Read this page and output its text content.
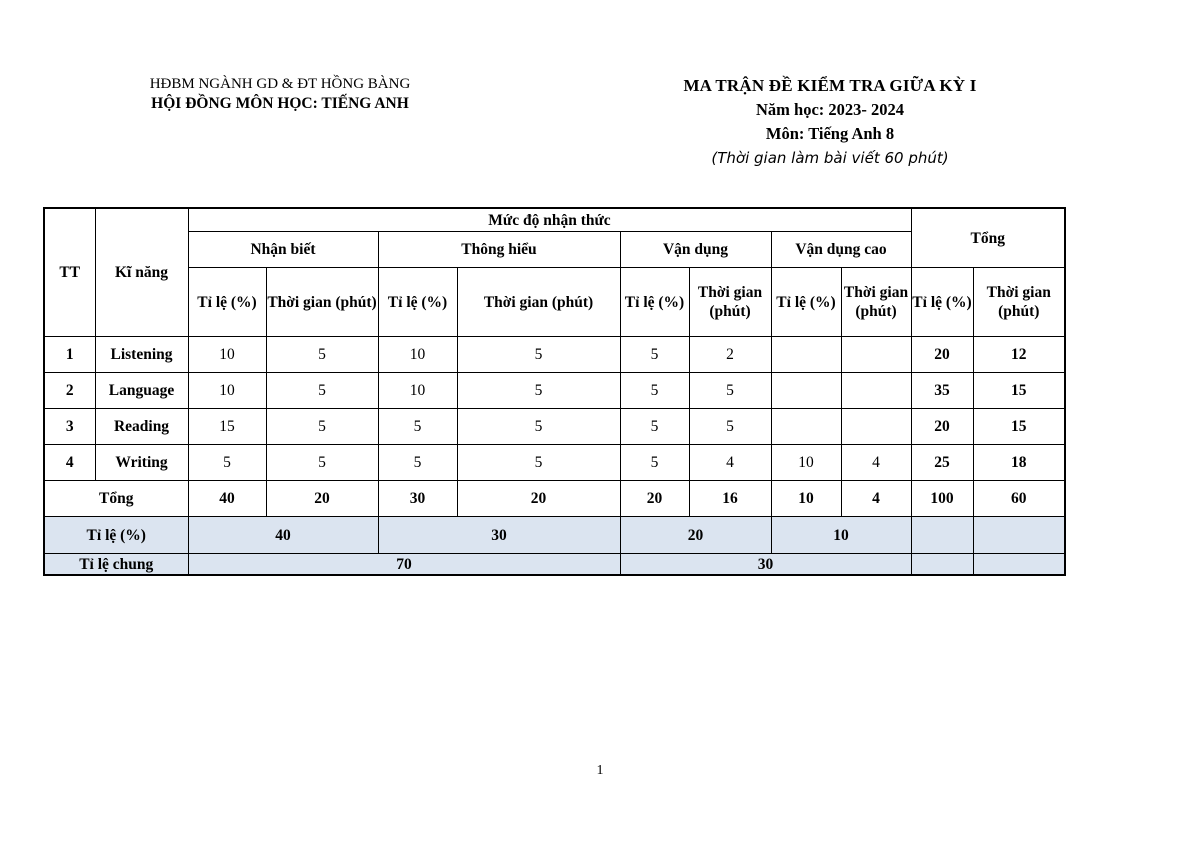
HĐBM NGÀNH GD & ĐT HỒNG BÀNG
HỘI ĐỒNG MÔN HỌC: TIẾNG ANH
MA TRẬN ĐỀ KIỂM TRA GIỮA KỲ I
Năm học: 2023- 2024
Môn: Tiếng Anh 8
(Thời gian làm bài viết 60 phút)
TT	Kĩ năng	Mức độ nhận thức								Tổng	
		Nhận biết		Thông hiểu		Vận dụng		Vận dụng cao			
		Tỉ lệ (%)	Thời gian (phút)	Tỉ lệ (%)	Thời gian (phút)	Tỉ lệ (%)	Thời gian (phút)	Tỉ lệ (%)	Thời gian (phút)	Tỉ lệ (%)	Thời gian (phút)
1	Listening	10	5	10	5	5	2			20	12
2	Language	10	5	10	5	5	5			35	15
3	Reading	15	5	5	5	5	5			20	15
4	Writing	5	5	5	5	5	4	10	4	25	18
Tổng		40	20	30	20	20	16	10	4	100	60
Tỉ lệ (%)		40		30		20		10			
Tỉ lệ chung		70				30					
1
